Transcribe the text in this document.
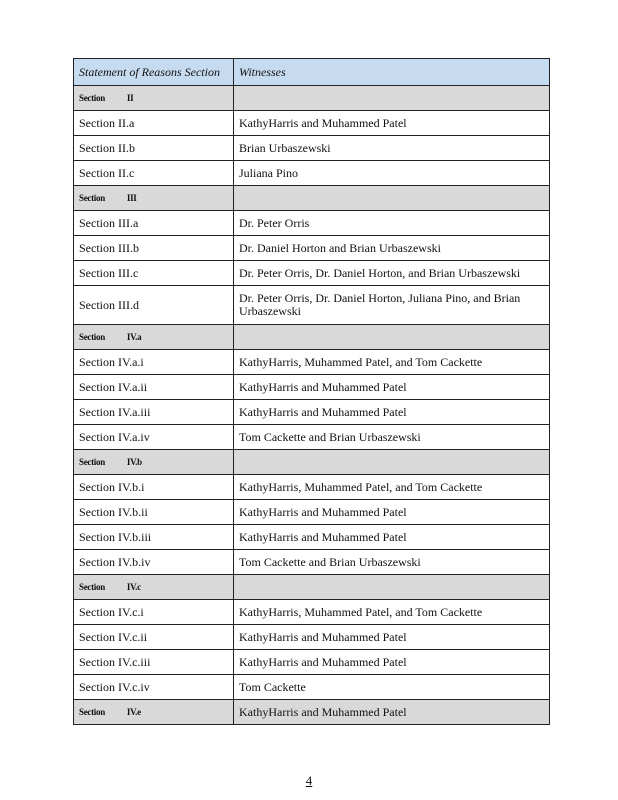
Statement of Reasons Section	Witnesses
Section II	
Section II.a	KathyHarris and Muhammed Patel
Section II.b	Brian Urbaszewski
Section II.c	Juliana Pino
Section III	
Section III.a	Dr. Peter Orris
Section III.b	Dr. Daniel Horton and Brian Urbaszewski
Section III.c	Dr. Peter Orris, Dr. Daniel Horton, and Brian Urbaszewski
Section III.d	Dr. Peter Orris, Dr. Daniel Horton, Juliana Pino, and Brian Urbaszewski
Section IV.a	
Section IV.a.i	KathyHarris, Muhammed Patel, and Tom Cackette
Section IV.a.ii	KathyHarris and Muhammed Patel
Section IV.a.iii	KathyHarris and Muhammed Patel
Section IV.a.iv	Tom Cackette and Brian Urbaszewski
Section IV.b	
Section IV.b.i	KathyHarris, Muhammed Patel, and Tom Cackette
Section IV.b.ii	KathyHarris and Muhammed Patel
Section IV.b.iii	KathyHarris and Muhammed Patel
Section IV.b.iv	Tom Cackette and Brian Urbaszewski
Section IV.c	
Section IV.c.i	KathyHarris, Muhammed Patel, and Tom Cackette
Section IV.c.ii	KathyHarris and Muhammed Patel
Section IV.c.iii	KathyHarris and Muhammed Patel
Section IV.c.iv	Tom Cackette
Section IV.e	KathyHarris and Muhammed Patel
4
